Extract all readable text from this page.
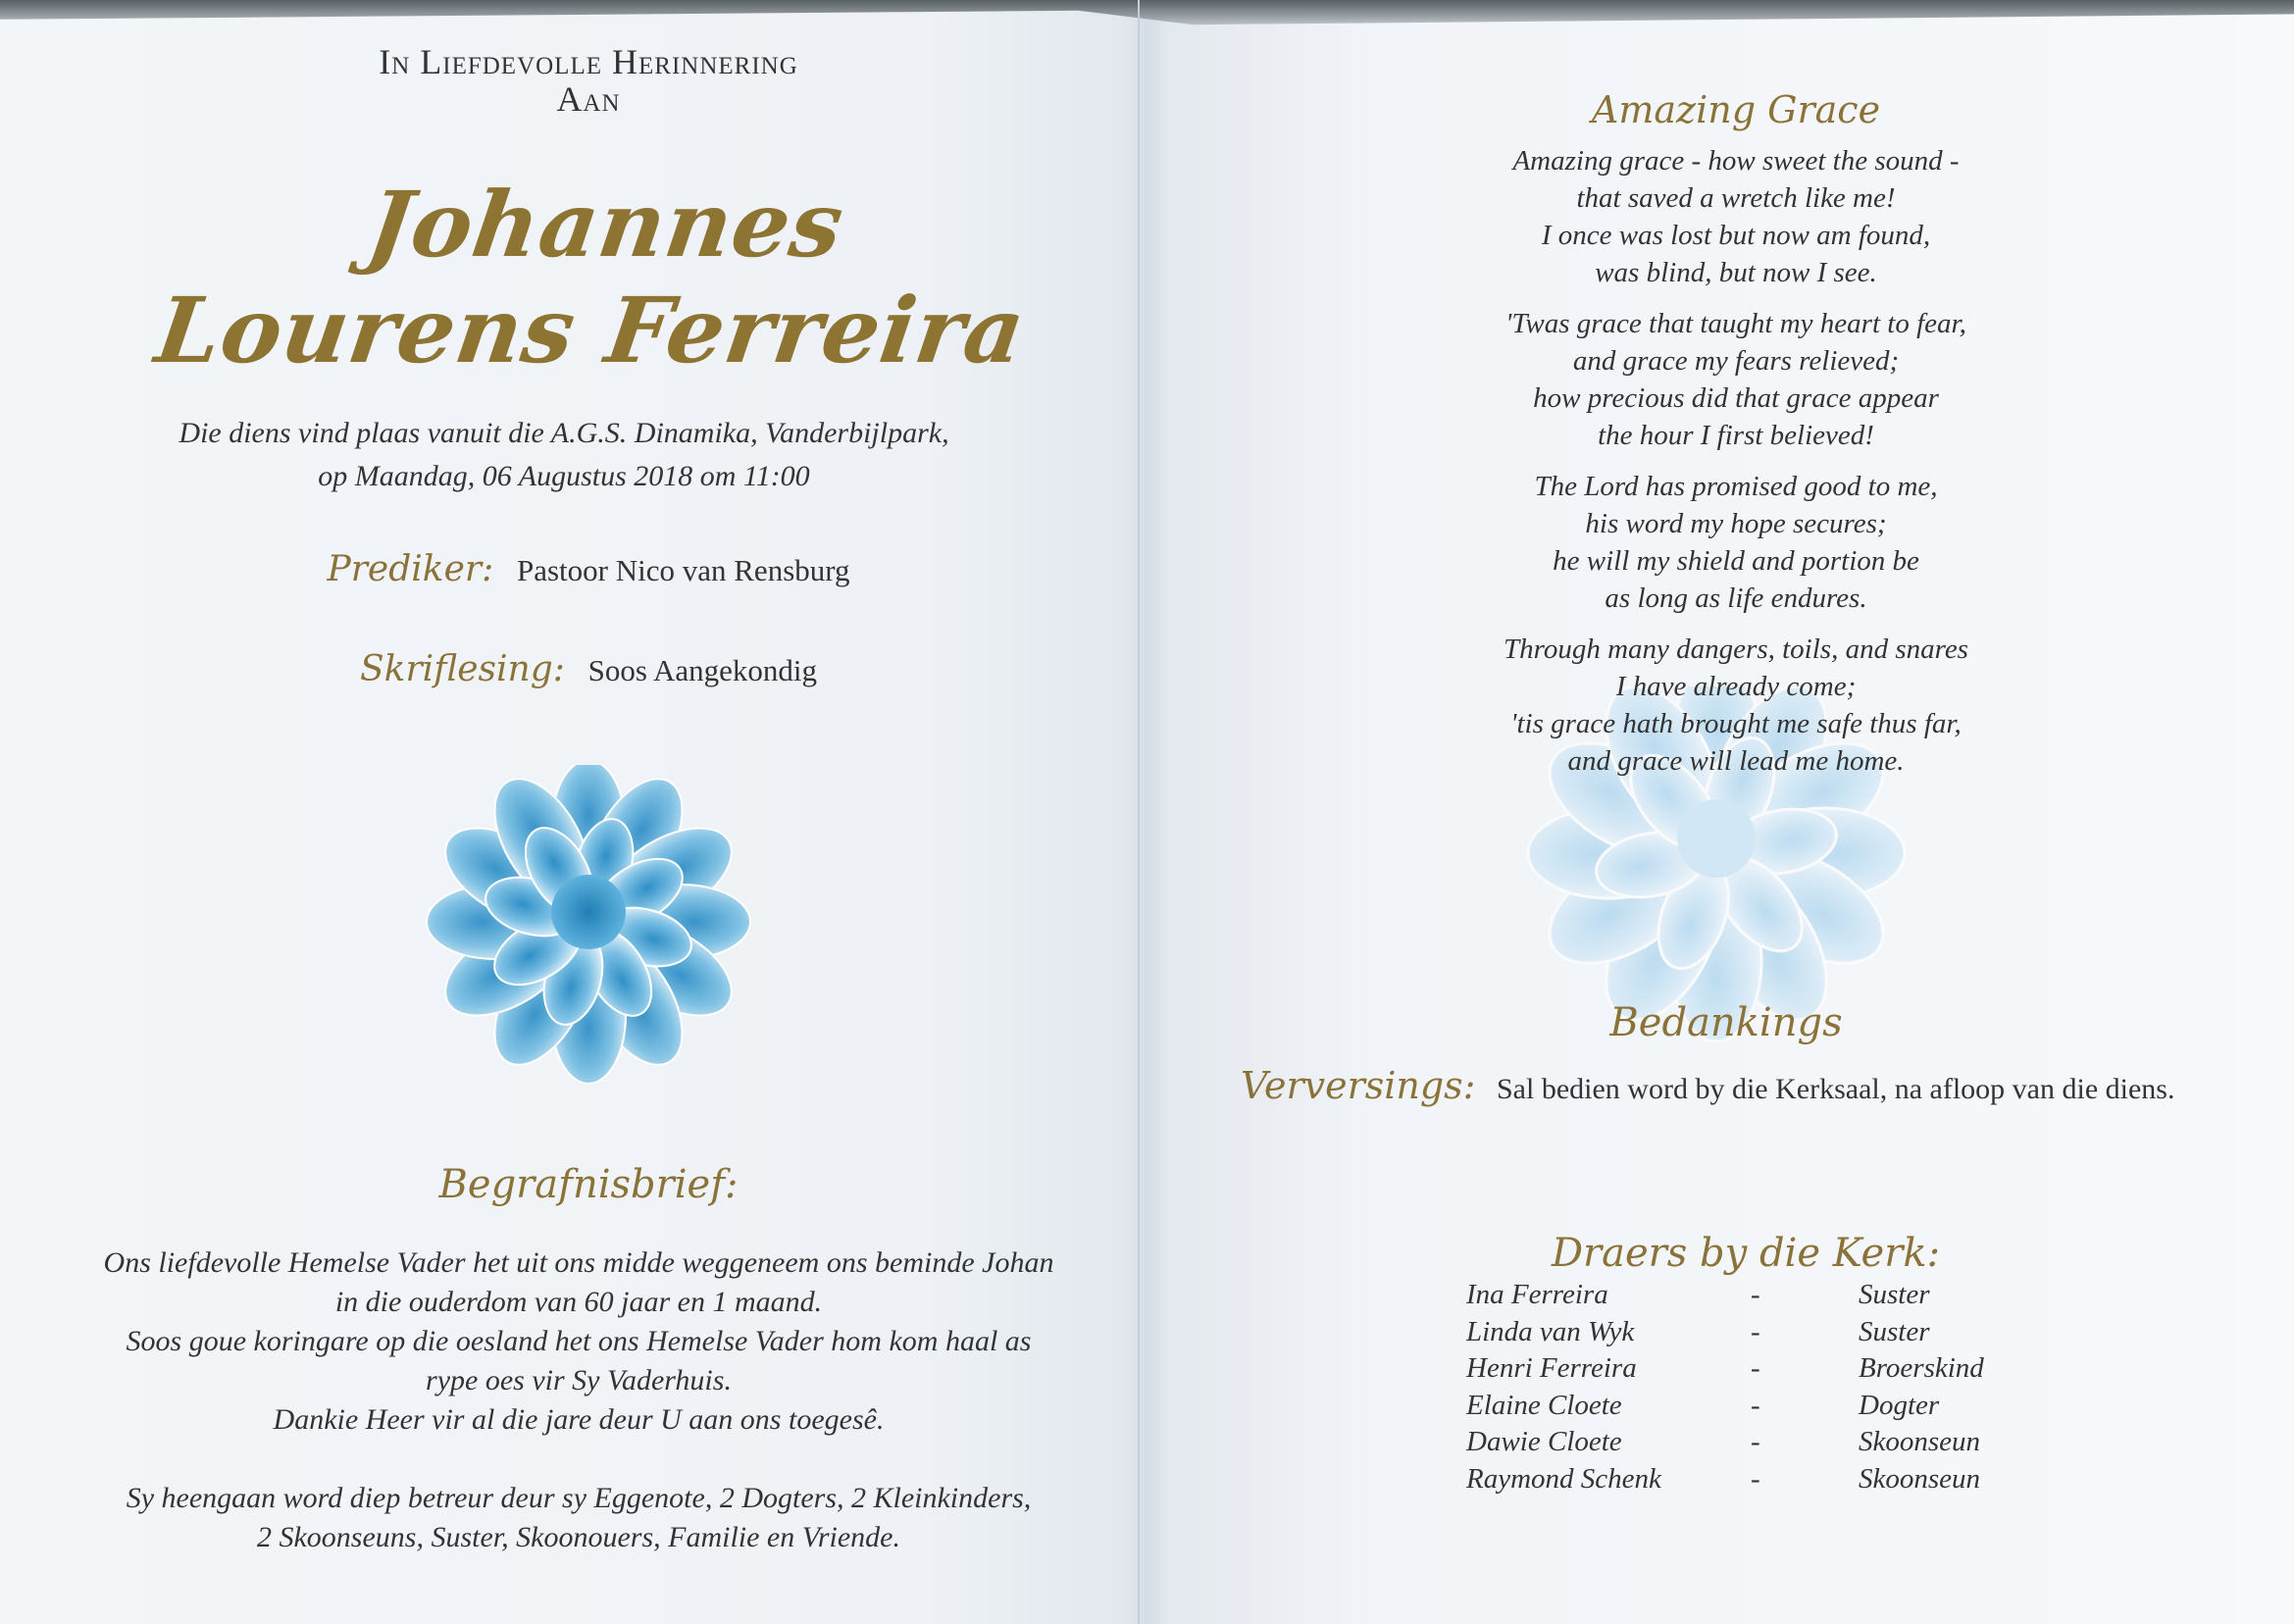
In Liefdevolle Herinnering
Aan
Johannes Lourens Ferreira
Die diens vind plaas vanuit die A.G.S. Dinamika, Vanderbijlpark,
op Maandag, 06 Augustus 2018 om 11:00
Prediker: Pastoor Nico van Rensburg
Skriflesing: Soos Aangekondig
Begrafnisbrief:

Ons liefdevolle Hemelse Vader het uit ons midde weggeneem ons beminde Johan

in die ouderdom van 60 jaar en 1 maand.

Soos goue koringare op die oesland het ons Hemelse Vader hom kom haal as

rype oes vir Sy Vaderhuis.

Dankie Heer vir al die jare deur U aan ons toegesê.

Sy heengaan word diep betreur deur sy Eggenote, 2 Dogters, 2 Kleinkinders,

2 Skoonseuns, Suster, Skoonouers, Familie en Vriende.

Amazing Grace
Amazing grace - how sweet the sound -
that saved a wretch like me!
I once was lost but now am found,
was blind, but now I see.
'Twas grace that taught my heart to fear,
and grace my fears relieved;
how precious did that grace appear
the hour I first believed!
The Lord has promised good to me,
his word my hope secures;
he will my shield and portion be
as long as life endures.
Through many dangers, toils, and snares
I have already come;
'tis grace hath brought me safe thus far,
and grace will lead me home.
Bedankings
Verversings: Sal bedien word by die Kerksaal, na afloop van die diens.
Draers by die Kerk:
Ina Ferreira	-	Suster
Linda van Wyk	-	Suster
Henri Ferreira	-	Broerskind
Elaine Cloete	-	Dogter
Dawie Cloete	-	Skoonseun
Raymond Schenk	-	Skoonseun
